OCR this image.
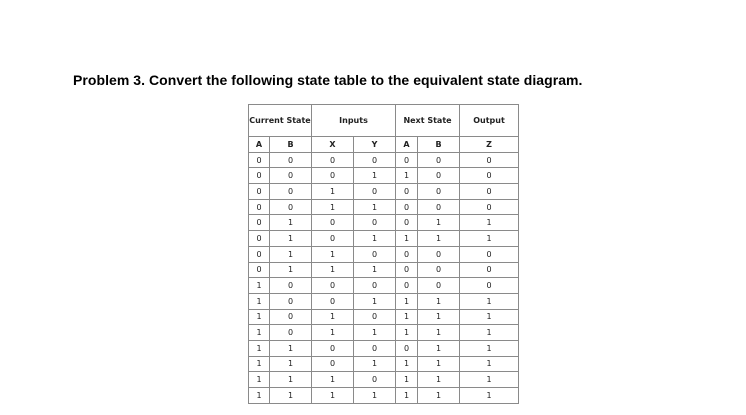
Problem 3. Convert the following state table to the equivalent state diagram.
Current State		Inputs		Next State		Output
A	B	X	Y	A	B	Z
0	0	0	0	0	0	0
0	0	0	1	1	0	0
0	0	1	0	0	0	0
0	0	1	1	0	0	0
0	1	0	0	0	1	1
0	1	0	1	1	1	1
0	1	1	0	0	0	0
0	1	1	1	0	0	0
1	0	0	0	0	0	0
1	0	0	1	1	1	1
1	0	1	0	1	1	1
1	0	1	1	1	1	1
1	1	0	0	0	1	1
1	1	0	1	1	1	1
1	1	1	0	1	1	1
1	1	1	1	1	1	1
